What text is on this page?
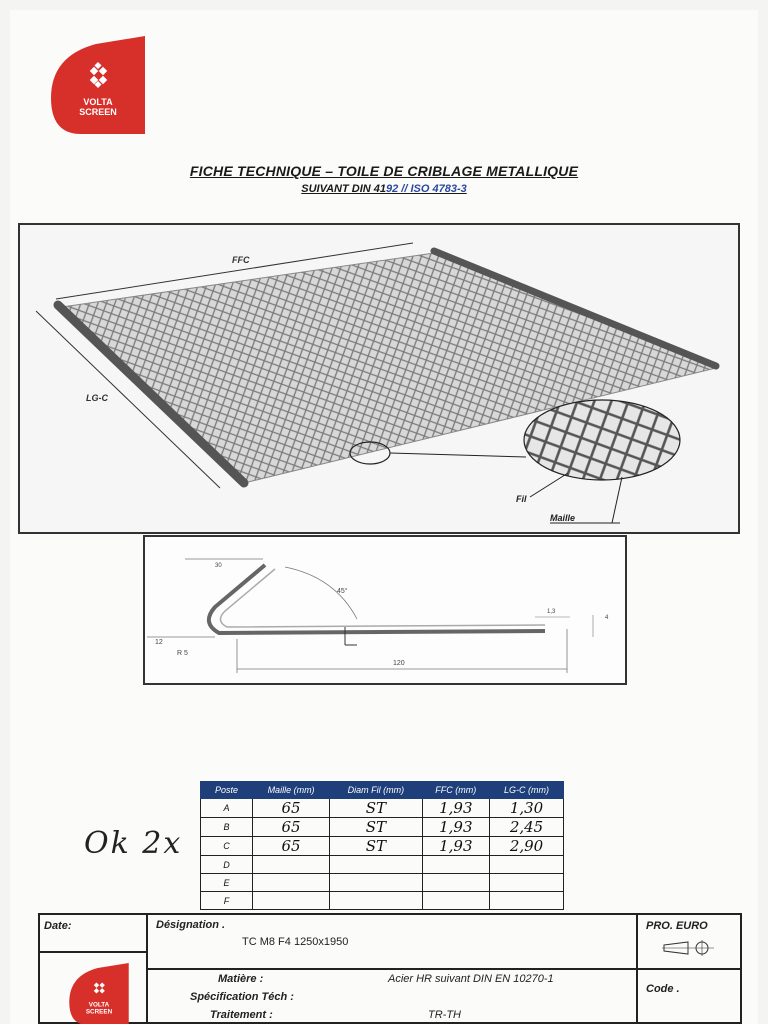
VOLTA
SCREEN
FICHE TECHNIQUE – TOILE DE CRIBLAGE METALLIQUE
SUIVANT DIN 4192 // ISO 4783-3
FFC
LG-C
Fil
Maille
30
45°
12
R 5
120
1,3
4
Ok 2x
Poste	Maille (mm)	Diam Fil (mm)	FFC (mm)	LG-C (mm)
A	65	ST	1,93	1,30
B	65	ST	1,93	2,45
C	65	ST	1,93	2,90
D				
E				
F				
Date:	Désignation .
TC M8 F4 1250x1950
PRO. EURO
Matière :	Acier HR suivant DIN EN 10270-1
Spécification Téch :
Traitement :	TR-TH
Code .
VOLTA
SCREEN
